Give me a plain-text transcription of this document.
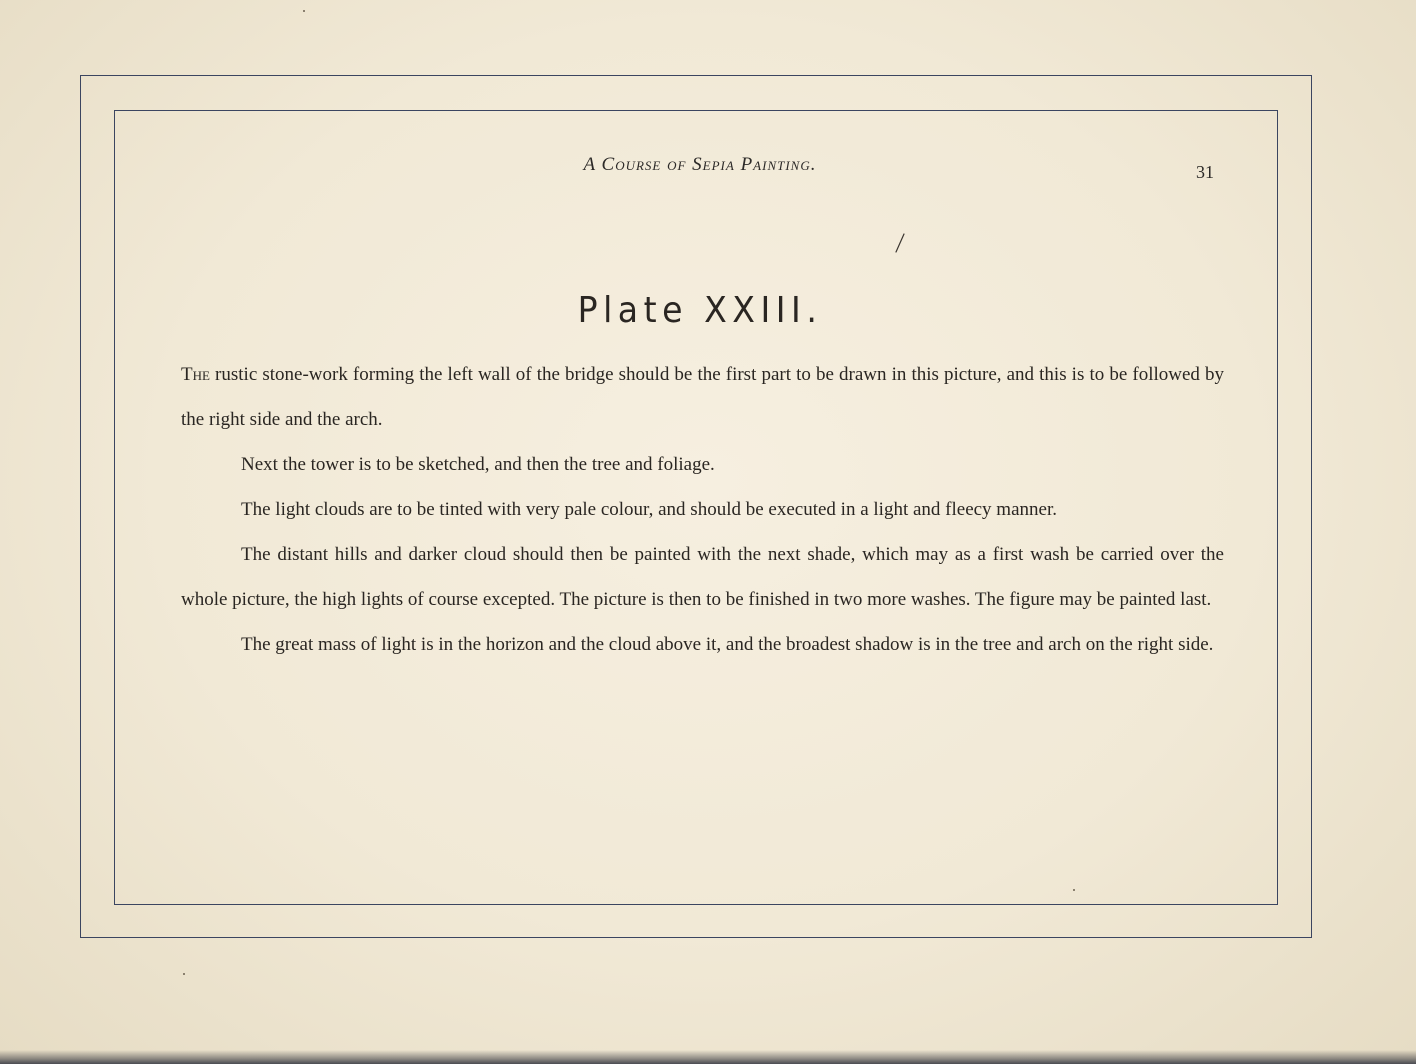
A Course of Sepia Painting.	31
Plate XXIII.

The rustic stone-work forming the left wall of the bridge should be the first part to be drawn in this picture, and this is to be followed by the right side and the arch.

Next the tower is to be sketched, and then the tree and foliage.

The light clouds are to be tinted with very pale colour, and should be executed in a light and fleecy manner.

The distant hills and darker cloud should then be painted with the next shade, which may as a first wash be carried over the whole picture, the high lights of course excepted. The picture is then to be finished in two more washes. The figure may be painted last.

The great mass of light is in the horizon and the cloud above it, and the broadest shadow is in the tree and arch on the right side.
